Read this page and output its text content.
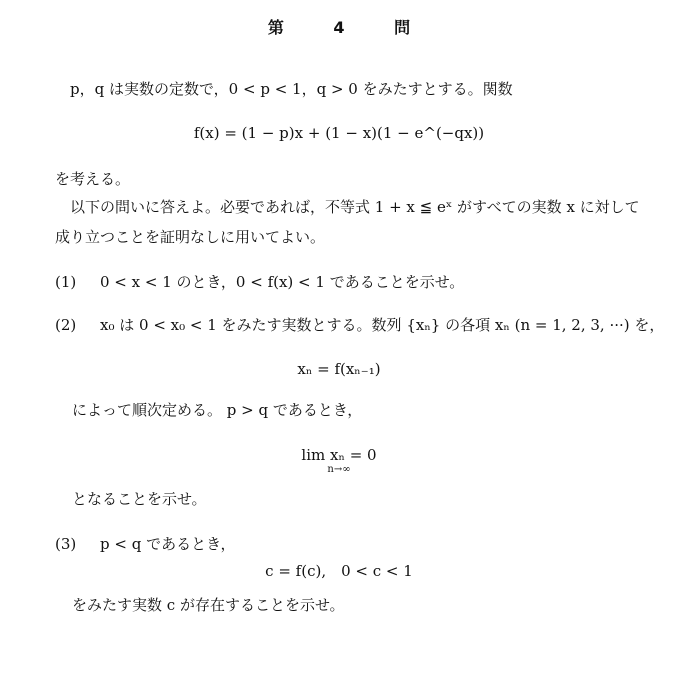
第	4	問
p，q は実数の定数で，0 < p < 1，q > 0 をみたすとする。関数
f(x) = (1 − p)x + (1 − x)(1 − e^(−qx))
を考える。
以下の問いに答えよ。必要であれば，不等式 1 + x ≦ eˣ がすべての実数 x に対して
成り立つことを証明なしに用いてよい。
(1) 0 < x < 1 のとき，0 < f(x) < 1 であることを示せ。
(2) x₀ は 0 < x₀ < 1 をみたす実数とする。数列 {xₙ} の各項 xₙ (n = 1, 2, 3, ···) を，
xₙ = f(xₙ₋₁)
によって順次定める。 p > q であるとき，
lim xₙ = 0
n→∞
となることを示せ。
(3) p < q であるとき，
c = f(c),　0 < c < 1
をみたす実数 c が存在することを示せ。
